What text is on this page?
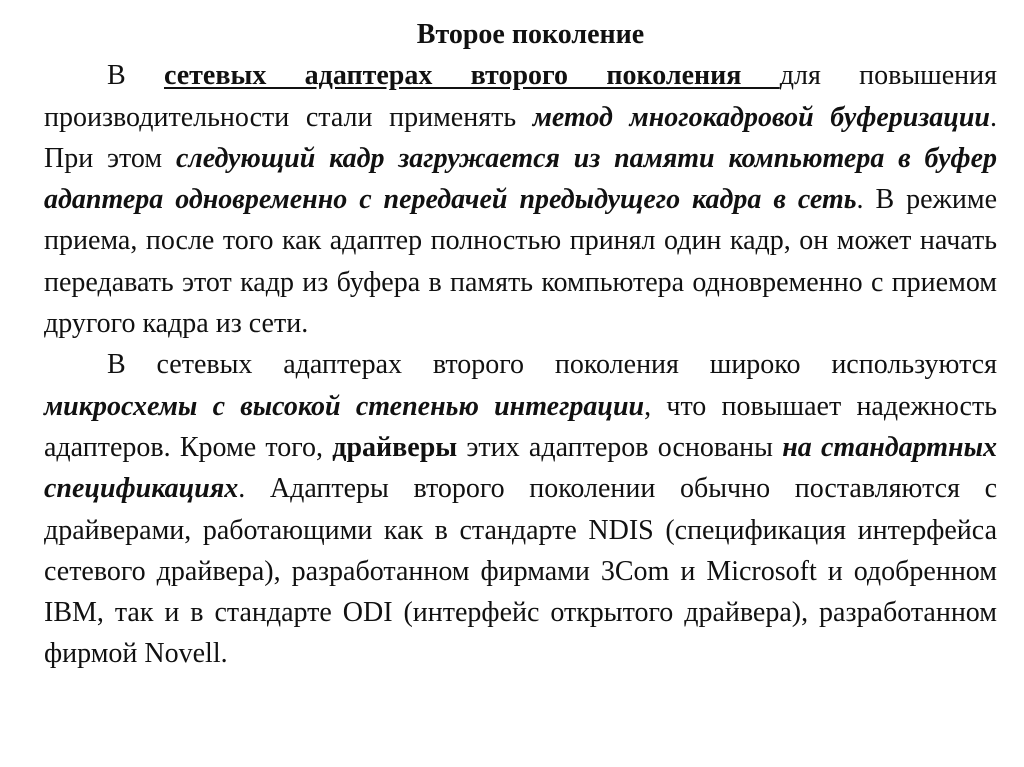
Второе поколение

В сетевых адаптерах второго поколения для повышения производительности стали применять метод многокадровой буферизации. При этом следующий кадр загружается из памяти компьютера в буфер адаптера одновременно с передачей предыдущего кадра в сеть. В режиме приема, после того как адаптер полностью принял один кадр, он может начать передавать этот кадр из буфера в память компьютера одновременно с приемом другого кадра из сети.

В сетевых адаптерах второго поколения широко используются микросхемы с высокой степенью интеграции, что повышает надежность адаптеров. Кроме того, драйверы этих адаптеров основаны на стандартных спецификациях. Адаптеры второго поколении обычно поставляются с драйверами, работающими как в стандарте NDIS (спецификация интерфейса сетевого драйвера), разработанном фирмами 3Com и Microsoft и одобренном IBM, так и в стандарте ODI (интерфейс открытого драйвера), разработанном фирмой Novell.
